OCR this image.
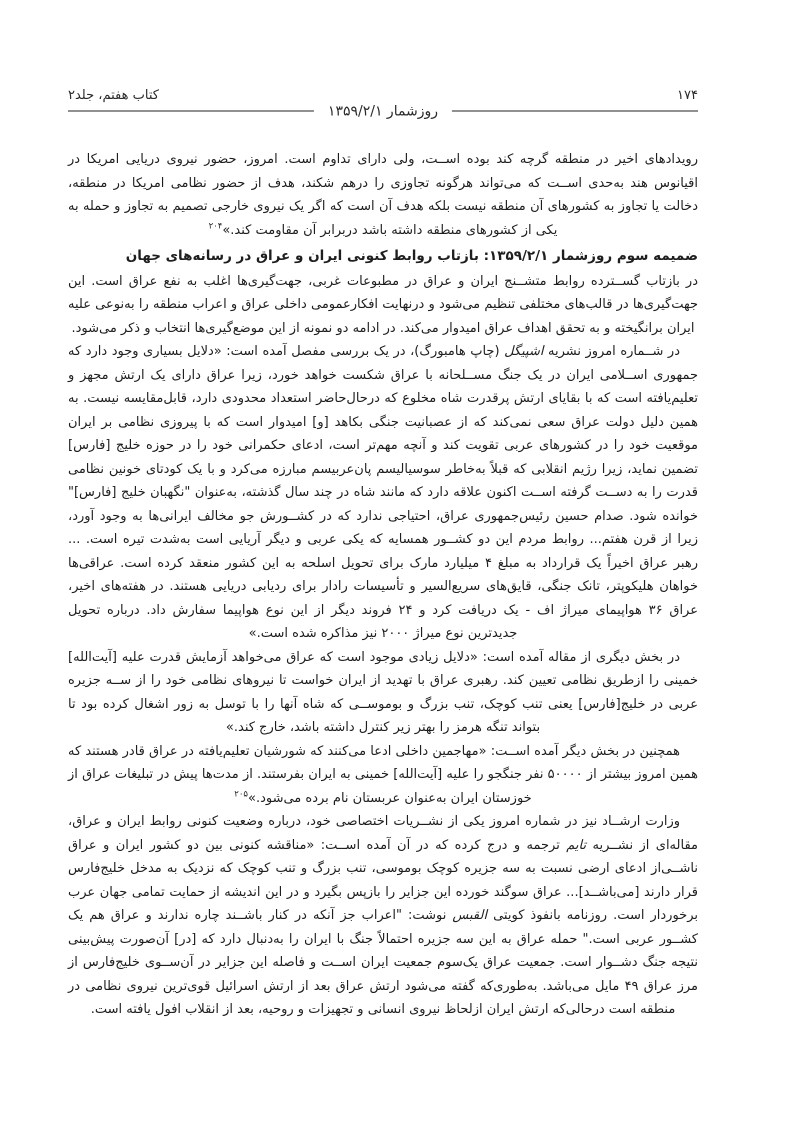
۱۷۴
روزشمار ۱۳۵۹/۲/۱
کتاب هفتم، جلد۲

رویدادهای اخیر در منطقه گرچه کند بوده اســت، ولی دارای تداوم است. امروز، حضور نیروی دریایی امریکا در اقیانوس هند به‌حدی اســت که می‌تواند هرگونه تجاوزی را درهم شکند، هدف از حضور نظامی امریکا در منطقه، دخالت یا تجاوز به کشورهای آن منطقه نیست بلکه هدف آن است که اگر یک نیروی خارجی تصمیم به تجاوز و حمله به یکی از کشورهای منطقه داشته باشد دربرابر آن مقاومت کند.»$^{۲۰۴}$

ضمیمه سوم روزشمار ۱۳۵۹/۲/۱: بازتاب روابط کنونی ایران و عراق در رسانه‌های جهان

در بازتاب گســترده روابط متشــنج ایران و عراق در مطبوعات غربی، جهت‌گیری‌ها اغلب به نفع عراق است. این جهت‌گیری‌ها در قالب‌های مختلفی تنظیم می‌شود و درنهایت افکارعمومی داخلی عراق و اعراب منطقه را به‌نوعی علیه ایران برانگیخته و به تحقق اهداف عراق امیدوار می‌کند. در ادامه دو نمونه از این موضع‌گیری‌ها انتخاب و ذکر می‌شود.

در شــماره امروز نشریه اشپیگل (چاپ هامبورگ)، در یک بررسی مفصل آمده است: «دلایل بسیاری وجود دارد که جمهوری اســلامی ایران در یک جنگ مســلحانه با عراق شکست خواهد خورد، زیرا عراق دارای یک ارتش مجهز و تعلیم‌یافته است که با بقایای ارتش پرقدرت شاه مخلوع که درحال‌حاضر استعداد محدودی دارد، قابل‌مقایسه نیست. به همین دلیل دولت عراق سعی نمی‌کند که از عصبانیت جنگی بکاهد [و] امیدوار است که با پیروزی نظامی بر ایران موقعیت خود را در کشورهای عربی تقویت کند و آنچه مهم‌تر است، ادعای حکمرانی خود را در حوزه خلیج [فارس] تضمین نماید، زیرا رژیم انقلابی که قبلاً به‌خاطر سوسیالیسم پان‌عربیسم مبارزه می‌کرد و با یک کودتای خونین نظامی قدرت را به دســت گرفته اســت اکنون علاقه دارد که مانند شاه در چند سال گذشته، به‌عنوان "نگهبان خلیج [فارس]" خوانده شود. صدام حسین رئیس‌جمهوری عراق، احتیاجی ندارد که در کشــورش جو مخالف ایرانی‌ها به وجود آورد، زیرا از قرن هفتم... روابط مردم این دو کشــور همسایه که یکی عربی و دیگر آریایی است به‌شدت تیره است. ... رهبر عراق اخیراً یک قرارداد به مبلغ ۴ میلیارد مارک برای تحویل اسلحه به این کشور منعقد کرده است. عراقی‌ها خواهان هلیکوپتر، تانک جنگی، قایق‌های سریع‌السیر و تأسیسات رادار برای ردیابی دریایی هستند. در هفته‌های اخیر، عراق ۳۶ هواپیمای میراژ اف - یک دریافت کرد و ۲۴ فروند دیگر از این نوع هواپیما سفارش داد. درباره تحویل جدیدترین نوع میراژ ۲۰۰۰ نیز مذاکره شده است.»

در بخش دیگری از مقاله آمده است: «دلایل زیادی موجود است که عراق می‌خواهد آزمایش قدرت علیه [آیت‌الله] خمینی را ازطریق نظامی تعیین کند. رهبری عراق با تهدید از ایران خواست تا نیروهای نظامی خود را از ســه جزیره عربی در خلیج[فارس] یعنی تنب کوچک، تنب بزرگ و بوموســی که شاه آنها را با توسل به زور اشغال کرده بود تا بتواند تنگه هرمز را بهتر زیر کنترل داشته باشد، خارج کند.»

همچنین در بخش دیگر آمده اســت: «مهاجمین داخلی ادعا می‌کنند که شورشیان تعلیم‌یافته در عراق قادر هستند که همین امروز بیشتر از ۵۰۰۰۰ نفر جنگجو را علیه [آیت‌الله] خمینی به ایران بفرستند. از مدت‌ها پیش در تبلیغات عراق از خوزستان ایران به‌عنوان عربستان نام برده می‌شود.»$^{۲۰۵}$

وزارت ارشــاد نیز در شماره امروز یکی از نشــریات اختصاصی خود، درباره وضعیت کنونی روابط ایران و عراق، مقاله‌ای از نشــریه تایم ترجمه و درج کرده که در آن آمده اســت: «مناقشه کنونی بین دو کشور ایران و عراق ناشــی‌از ادعای ارضی نسبت به سه جزیره کوچک بوموسی، تنب بزرگ و تنب کوچک که نزدیک به مدخل خلیج‌فارس قرار دارند [می‌باشــد]... عراق سوگند خورده این جزایر را بازپس بگیرد و در این اندیشه از حمایت تمامی جهان عرب برخوردار است. روزنامه بانفوذ کویتی القبس نوشت: "اعراب جز آنکه در کنار باشــند چاره ندارند و عراق هم یک کشــور عربی است." حمله عراق به این سه جزیره احتمالاً جنگ با ایران را به‌دنبال دارد که [در] آن‌صورت پیش‌بینی نتیجه جنگ دشــوار است. جمعیت عراق یک‌سوم جمعیت ایران اســت و فاصله این جزایر در آن‌ســوی خلیج‌فارس از مرز عراق ۴۹ مایل می‌باشد. به‌طوری‌که گفته می‌شود ارتش عراق بعد از ارتش اسرائیل قوی‌ترین نیروی نظامی در منطقه است درحالی‌که ارتش ایران ازلحاظ نیروی انسانی و تجهیزات و روحیه، بعد از انقلاب افول یافته است.
